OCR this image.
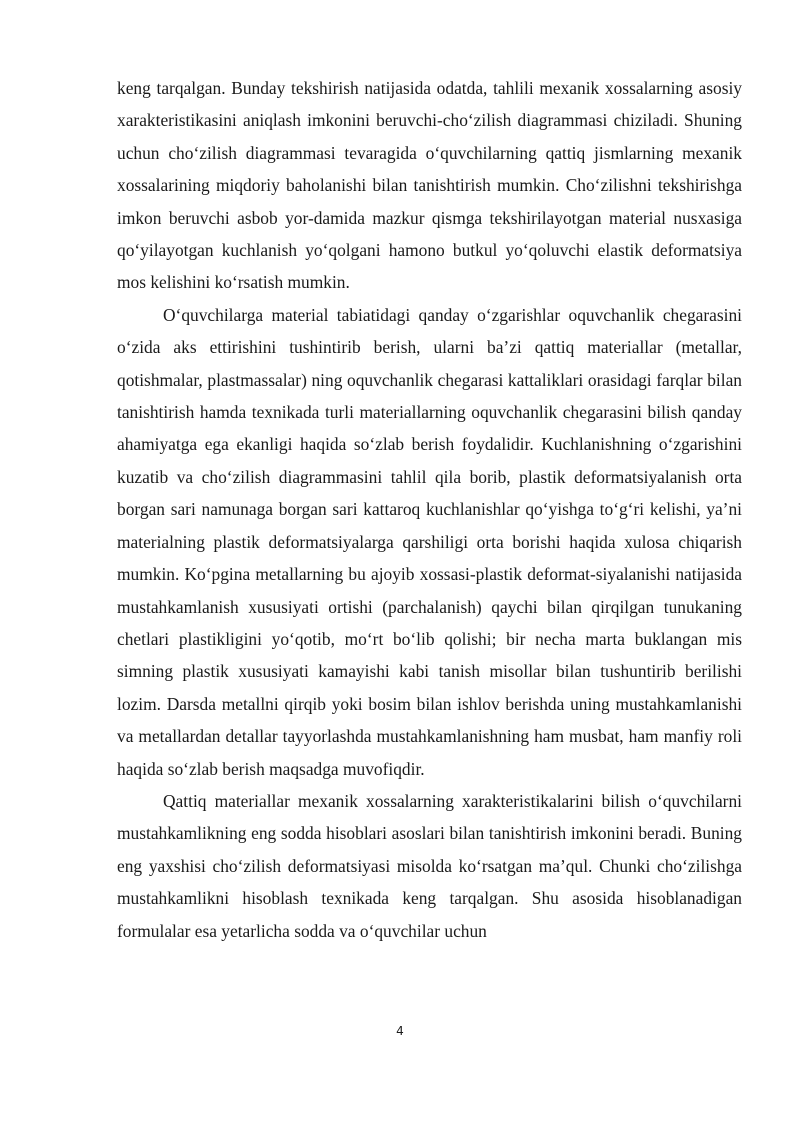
keng tarqalgan. Bunday tekshirish natijasida odatda, tahlili mexanik xossalarning asosiy xarakteristikasini aniqlash imkonini beruvchi-cho‘zilish diagrammasi chiziladi. Shuning uchun cho‘zilish diagrammasi tevaragida o‘quvchilarning qattiq jismlarning mexanik xossalarining miqdoriy baholanishi bilan tanishtirish mumkin. Cho‘zilishni tekshirishga imkon beruvchi asbob yor-damida mazkur qismga tekshirilayotgan material nusxasiga qo‘yilayotgan kuchlanish yo‘qolgani hamono butkul yo‘qoluvchi elastik deformatsiya mos kelishini ko‘rsatish mumkin.

O‘quvchilarga material tabiatidagi qanday o‘zgarishlar oquvchanlik chegarasini o‘zida aks ettirishini tushintirib berish, ularni ba’zi qattiq materiallar (metallar, qotishmalar, plastmassalar) ning oquvchanlik chegarasi kattaliklari orasidagi farqlar bilan tanishtirish hamda texnikada turli materiallarning oquvchanlik chegarasini bilish qanday ahamiyatga ega ekanligi haqida so‘zlab berish foydalidir. Kuchlanishning o‘zgarishini kuzatib va cho‘zilish diagrammasini tahlil qila borib, plastik deformatsiyalanish orta borgan sari namunaga borgan sari kattaroq kuchlanishlar qo‘yishga to‘g‘ri kelishi, ya’ni materialning plastik deformatsiyalarga qarshiligi orta borishi haqida xulosa chiqarish mumkin. Ko‘pgina metallarning bu ajoyib xossasi-plastik deformat-siyalanishi natijasida mustahkamlanish xususiyati ortishi (parchalanish) qaychi bilan qirqilgan tunukaning chetlari plastikligini yo‘qotib, mo‘rt bo‘lib qolishi; bir necha marta buklangan mis simning plastik xususiyati kamayishi kabi tanish misollar bilan tushuntirib berilishi lozim. Darsda metallni qirqib yoki bosim bilan ishlov berishda uning mustahkamlanishi va metallardan detallar tayyorlashda mustahkamlanishning ham musbat, ham manfiy roli haqida so‘zlab berish maqsadga muvofiqdir.

Qattiq materiallar mexanik xossalarning xarakteristikalarini bilish o‘quvchilarni mustahkamlikning eng sodda hisoblari asoslari bilan tanishtirish imkonini beradi. Buning eng yaxshisi cho‘zilish deformatsiyasi misolda ko‘rsatgan ma’qul. Chunki cho‘zilishga mustahkamlikni hisoblash texnikada keng tarqalgan. Shu asosida hisoblanadigan formulalar esa yetarlicha sodda va o‘quvchilar uchun

4
